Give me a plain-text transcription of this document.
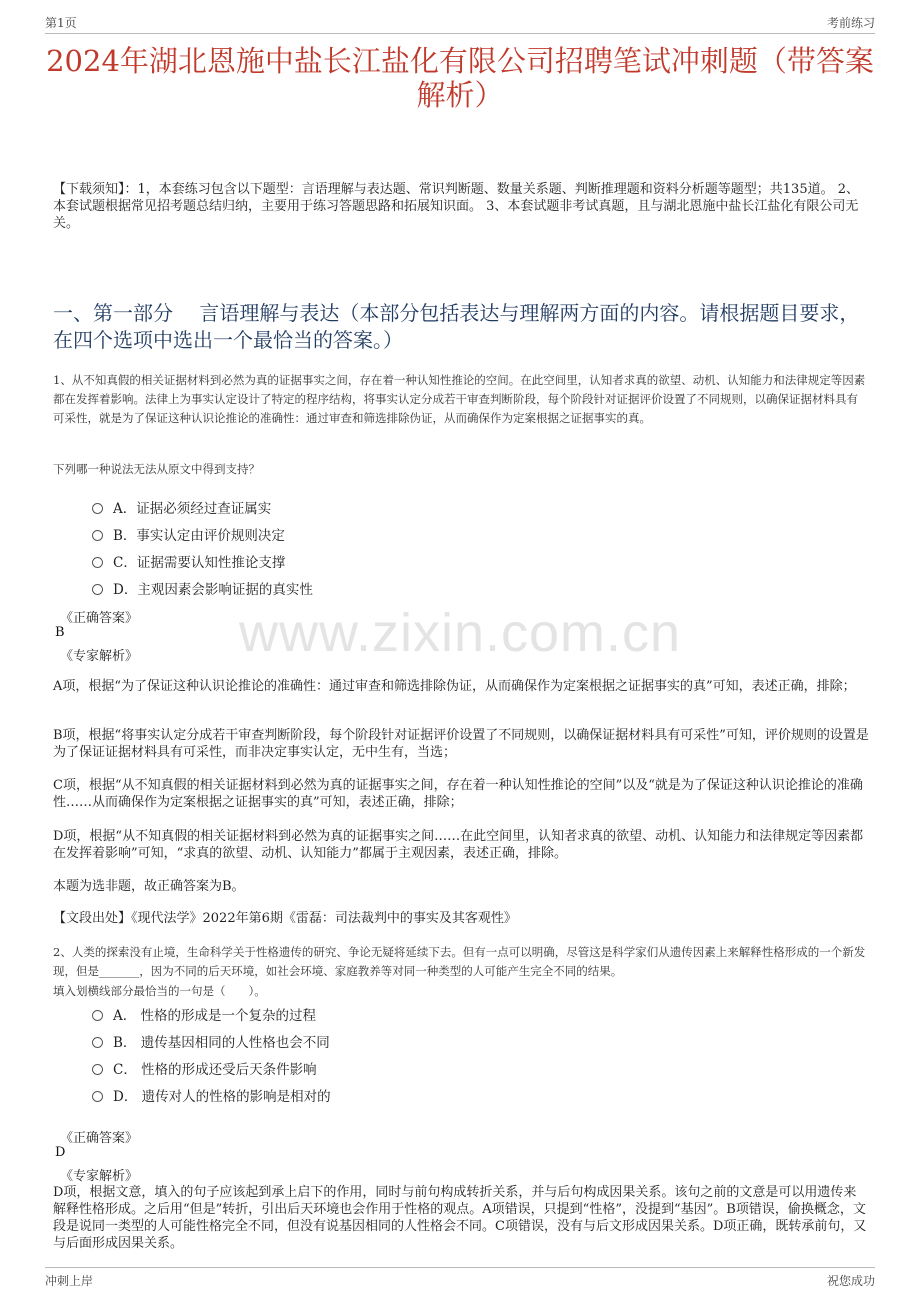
第1页	考前练习
2024年湖北恩施中盐长江盐化有限公司招聘笔试冲刺题（带答案解析）
【下载须知】：1，本套练习包含以下题型：言语理解与表达题、常识判断题、数量关系题、判断推理题和资料分析题等题型；共135道。 2、本套试题根据常见招考题总结归纳，主要用于练习答题思路和拓展知识面。 3、本套试题非考试真题，且与湖北恩施中盐长江盐化有限公司无关。
一、第一部分　 言语理解与表达（本部分包括表达与理解两方面的内容。请根据题目要求，在四个选项中选出一个最恰当的答案。）
www.zixin.com.cn
1、从不知真假的相关证据材料到必然为真的证据事实之间，存在着一种认知性推论的空间。在此空间里，认知者求真的欲望、动机、认知能力和法律规定等因素都在发挥着影响。法律上为事实认定设计了特定的程序结构，将事实认定分成若干审查判断阶段，每个阶段针对证据评价设置了不同规则，以确保证据材料具有可采性，就是为了保证这种认识论推论的准确性：通过审查和筛选排除伪证，从而确保作为定案根据之证据事实的真。
下列哪一种说法无法从原文中得到支持？
A．证据必须经过查证属实
B．事实认定由评价规则决定
C．证据需要认知性推论支撑
D．主观因素会影响证据的真实性
《正确答案》
B
《专家解析》
A项，根据“为了保证这种认识论推论的准确性：通过审查和筛选排除伪证，从而确保作为定案根据之证据事实的真”可知，表述正确，排除；
B项，根据“将事实认定分成若干审查判断阶段，每个阶段针对证据评价设置了不同规则，以确保证据材料具有可采性”可知，评价规则的设置是为了保证证据材料具有可采性，而非决定事实认定，无中生有，当选；
C项，根据“从不知真假的相关证据材料到必然为真的证据事实之间，存在着一种认知性推论的空间”以及“就是为了保证这种认识论推论的准确性……从而确保作为定案根据之证据事实的真”可知，表述正确，排除；
D项，根据“从不知真假的相关证据材料到必然为真的证据事实之间……在此空间里，认知者求真的欲望、动机、认知能力和法律规定等因素都在发挥着影响”可知，“求真的欲望、动机、认知能力”都属于主观因素，表述正确，排除。
本题为选非题，故正确答案为B。
【文段出处】《现代法学》2022年第6期《雷磊：司法裁判中的事实及其客观性》
2、人类的探索没有止境，生命科学关于性格遗传的研究、争论无疑将延续下去。但有一点可以明确，尽管这是科学家们从遗传因素上来解释性格形成的一个新发现，但是_______，因为不同的后天环境，如社会环境、家庭教养等对同一种类型的人可能产生完全不同的结果。
填入划横线部分最恰当的一句是（　　）。
A． 性格的形成是一个复杂的过程
B． 遗传基因相同的人性格也会不同
C． 性格的形成还受后天条件影响
D． 遗传对人的性格的影响是相对的
《正确答案》
D
《专家解析》
D项，根据文意，填入的句子应该起到承上启下的作用，同时与前句构成转折关系，并与后句构成因果关系。该句之前的文意是可以用遗传来解释性格形成。之后用“但是”转折，引出后天环境也会作用于性格的观点。A项错误，只提到“性格”，没提到“基因”。B项错误，偷换概念，文段是说同一类型的人可能性格完全不同，但没有说基因相同的人性格会不同。C项错误，没有与后文形成因果关系。D项正确，既转承前句，又与后面形成因果关系。
冲刺上岸	祝您成功
